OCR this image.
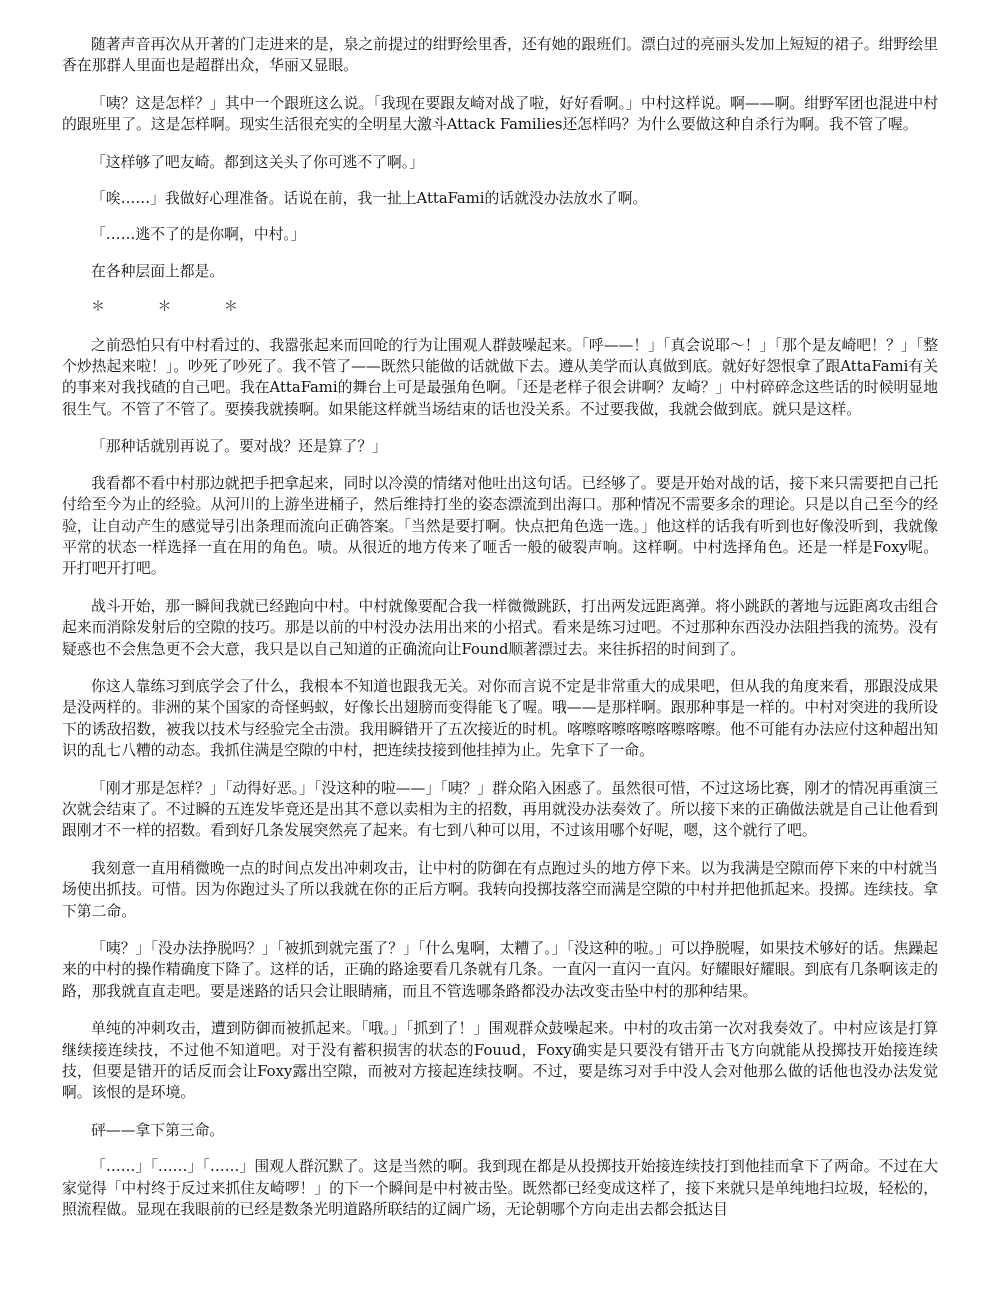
随著声音再次从开著的门走进来的是，泉之前提过的绀野绘里香，还有她的跟班们。漂白过的亮丽头发加上短短的裙子。绀野绘里香在那群人里面也是超群出众，华丽又显眼。

「咦？这是怎样？」其中一个跟班这么说。「我现在要跟友崎对战了啦，好好看啊。」中村这样说。啊——啊。绀野军团也混进中村的跟班里了。这是怎样啊。现实生活很充实的全明星大激斗Attack Families还怎样吗？为什么要做这种自杀行为啊。我不管了喔。

「这样够了吧友崎。都到这关头了你可逃不了啊。」

「唉……」我做好心理准备。话说在前，我一扯上AttaFami的话就没办法放水了啊。

「……逃不了的是你啊，中村。」

在各种层面上都是。

＊ ＊ ＊

之前恐怕只有中村看过的、我嚣张起来而回呛的行为让围观人群鼓噪起来。「呼——！」「真会说耶～！」「那个是友崎吧！？」「整个炒热起来啦！」。吵死了吵死了。我不管了——既然只能做的话就做下去。遵从美学而认真做到底。就好好怨恨拿了跟AttaFami有关的事来对我找碴的自己吧。我在AttaFami的舞台上可是最强角色啊。「还是老样子很会讲啊？友崎？」中村碎碎念这些话的时候明显地很生气。不管了不管了。要揍我就揍啊。如果能这样就当场结束的话也没关系。不过要我做，我就会做到底。就只是这样。

「那种话就别再说了。要对战？还是算了？」

我看都不看中村那边就把手把拿起来，同时以冷漠的情绪对他吐出这句话。已经够了。要是开始对战的话，接下来只需要把自己托付给至今为止的经验。从河川的上游坐进桶子，然后维持打坐的姿态漂流到出海口。那种情况不需要多余的理论。只是以自己至今的经验，让自动产生的感觉导引出条理而流向正确答案。「当然是要打啊。快点把角色选一选。」他这样的话我有听到也好像没听到，我就像平常的状态一样选择一直在用的角色。啧。从很近的地方传来了咂舌一般的破裂声响。这样啊。中村选择角色。还是一样是Foxy呢。开打吧开打吧。

战斗开始，那一瞬间我就已经跑向中村。中村就像要配合我一样微微跳跃，打出两发远距离弹。将小跳跃的著地与远距离攻击组合起来而消除发射后的空隙的技巧。那是以前的中村没办法用出来的小招式。看来是练习过吧。不过那种东西没办法阻挡我的流势。没有疑惑也不会焦急更不会大意，我只是以自己知道的正确流向让Found顺著漂过去。来往拆招的时间到了。

你这人靠练习到底学会了什么，我根本不知道也跟我无关。对你而言说不定是非常重大的成果吧，但从我的角度来看，那跟没成果是没两样的。非洲的某个国家的奇怪蚂蚁，好像长出翅膀而变得能飞了喔。哦——是那样啊。跟那种事是一样的。中村对突进的我所设下的诱敌招数，被我以技术与经验完全击溃。我用瞬错开了五次接近的时机。喀嚓喀嚓喀嚓喀嚓喀嚓。他不可能有办法应付这种超出知识的乱七八糟的动态。我抓住满是空隙的中村，把连续技接到他挂掉为止。先拿下了一命。

「刚才那是怎样？」「动得好恶。」「没这种的啦——」「咦？」群众陷入困惑了。虽然很可惜，不过这场比赛，刚才的情况再重演三次就会结束了。不过瞬的五连发毕竟还是出其不意以卖相为主的招数，再用就没办法奏效了。所以接下来的正确做法就是自己让他看到跟刚才不一样的招数。看到好几条发展突然亮了起来。有七到八种可以用，不过该用哪个好呢，嗯，这个就行了吧。

我刻意一直用稍微晚一点的时间点发出冲刺攻击，让中村的防御在有点跑过头的地方停下来。以为我满是空隙而停下来的中村就当场使出抓技。可惜。因为你跑过头了所以我就在你的正后方啊。我转向投掷技落空而满是空隙的中村并把他抓起来。投掷。连续技。拿下第二命。

「咦？」「没办法挣脱吗？」「被抓到就完蛋了？」「什么鬼啊，太糟了。」「没这种的啦。」可以挣脱喔，如果技术够好的话。焦躁起来的中村的操作精确度下降了。这样的话，正确的路途要看几条就有几条。一直闪一直闪一直闪。好耀眼好耀眼。到底有几条啊该走的路，那我就直直走吧。要是迷路的话只会让眼睛痛，而且不管选哪条路都没办法改变击坠中村的那种结果。

单纯的冲刺攻击，遭到防御而被抓起来。「哦。」「抓到了！」围观群众鼓噪起来。中村的攻击第一次对我奏效了。中村应该是打算继续接连续技，不过他不知道吧。对于没有蓄积损害的状态的Fouud，Foxy确实是只要没有错开击飞方向就能从投掷技开始接连续技，但要是错开的话反而会让Foxy露出空隙，而被对方接起连续技啊。不过，要是练习对手中没人会对他那么做的话他也没办法发觉啊。该恨的是环境。

砰——拿下第三命。

「……」「……」「……」围观人群沉默了。这是当然的啊。我到现在都是从投掷技开始接连续技打到他挂而拿下了两命。不过在大家觉得「中村终于反过来抓住友崎啰！」的下一个瞬间是中村被击坠。既然都已经变成这样了，接下来就只是单纯地扫垃圾，轻松的，照流程做。显现在我眼前的已经是数条光明道路所联结的辽阔广场，无论朝哪个方向走出去都会抵达目
